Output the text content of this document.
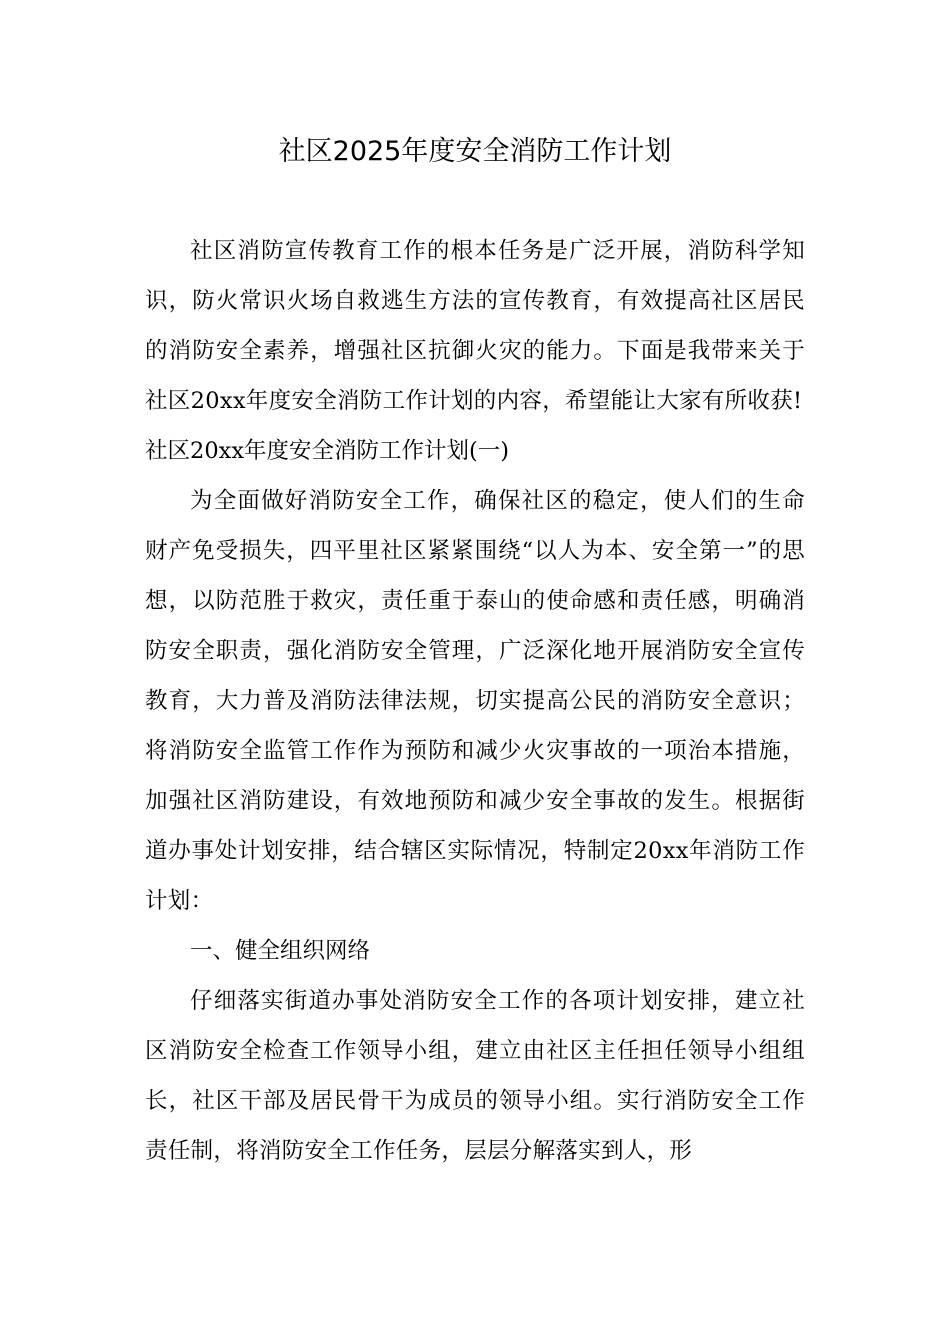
社区2025年度安全消防工作计划

社区消防宣传教育工作的根本任务是广泛开展，消防科学知识，防火常识火场自救逃生方法的宣传教育，有效提高社区居民的消防安全素养，增强社区抗御火灾的能力。下面是我带来关于社区20xx年度安全消防工作计划的内容，希望能让大家有所收获!

社区20xx年度安全消防工作计划(一)

为全面做好消防安全工作，确保社区的稳定，使人们的生命财产免受损失，四平里社区紧紧围绕“以人为本、安全第一”的思想，以防范胜于救灾，责任重于泰山的使命感和责任感，明确消防安全职责，强化消防安全管理，广泛深化地开展消防安全宣传教育，大力普及消防法律法规，切实提高公民的消防安全意识；将消防安全监管工作作为预防和减少火灾事故的一项治本措施，加强社区消防建设，有效地预防和减少安全事故的发生。根据街道办事处计划安排，结合辖区实际情况，特制定20xx年消防工作计划：

一、健全组织网络

仔细落实街道办事处消防安全工作的各项计划安排，建立社区消防安全检查工作领导小组，建立由社区主任担任领导小组组长，社区干部及居民骨干为成员的领导小组。实行消防安全工作责任制，将消防安全工作任务，层层分解落实到人，形
